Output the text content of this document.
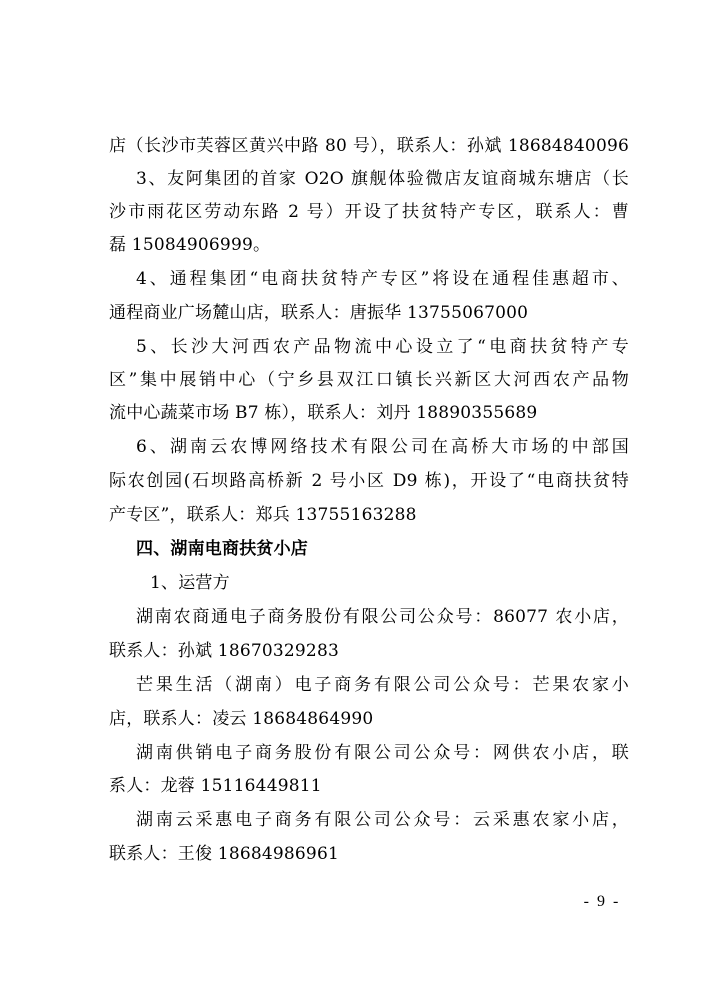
店（长沙市芙蓉区黄兴中路 80 号），联系人：孙斌 18684840096
3、友阿集团的首家 O2O 旗舰体验微店友谊商城东塘店（长
沙市雨花区劳动东路 2 号）开设了扶贫特产专区，联系人：曹
磊 15084906999。
4、通程集团“电商扶贫特产专区”将设在通程佳惠超市、
通程商业广场麓山店，联系人：唐振华 13755067000
5、长沙大河西农产品物流中心设立了“电商扶贫特产专
区”集中展销中心（宁乡县双江口镇长兴新区大河西农产品物
流中心蔬菜市场 B7 栋），联系人：刘丹 18890355689
6、湖南云农博网络技术有限公司在高桥大市场的中部国
际农创园(石坝路高桥新 2 号小区 D9 栋)，开设了“电商扶贫特
产专区”，联系人：郑兵 13755163288
四、湖南电商扶贫小店
1、运营方
湖南农商通电子商务股份有限公司公众号：86077 农小店，
联系人：孙斌 18670329283
芒果生活（湖南）电子商务有限公司公众号：芒果农家小
店，联系人：凌云 18684864990
湖南供销电子商务股份有限公司公众号：网供农小店，联
系人：龙蓉 15116449811
湖南云采惠电子商务有限公司公众号：云采惠农家小店，
联系人：王俊 18684986961
- 9 -
